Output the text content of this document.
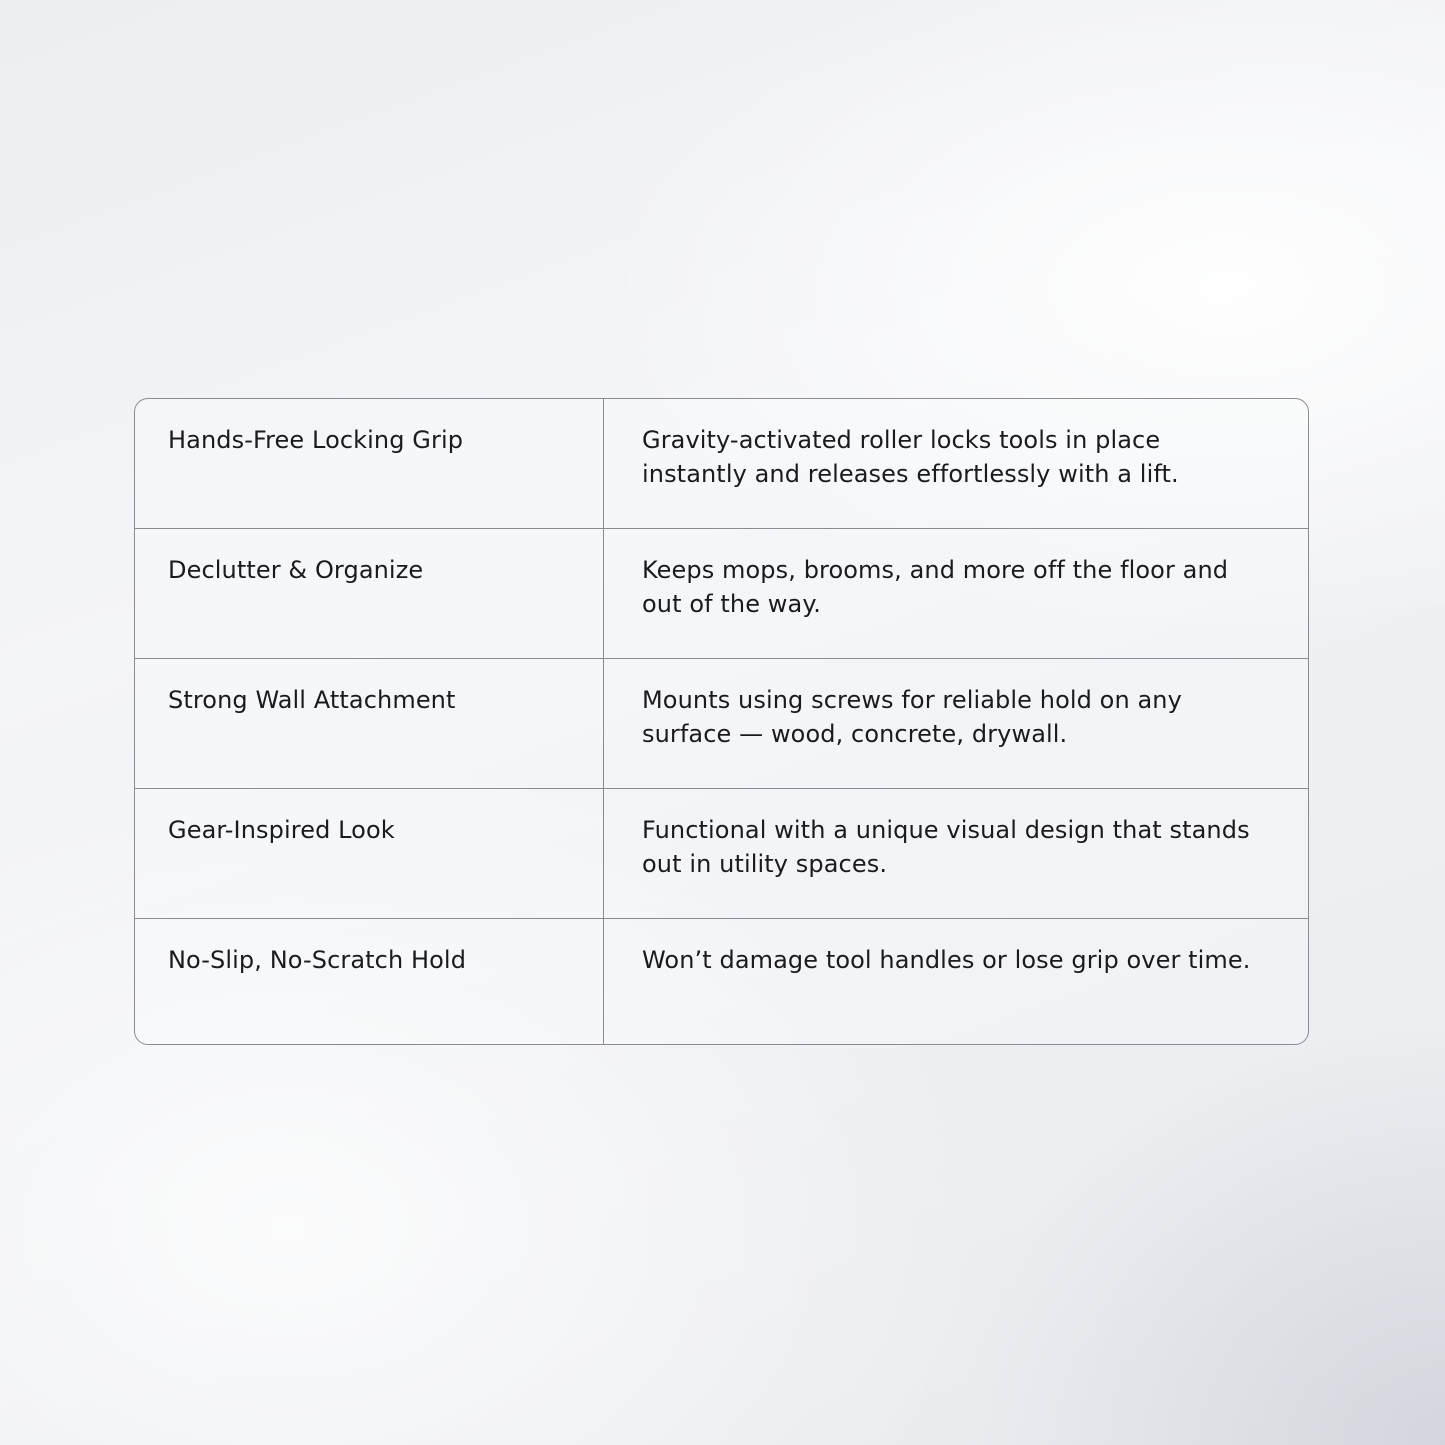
Hands-Free Locking Grip	Gravity-activated roller locks tools in place instantly and releases effortlessly with a lift.
Declutter & Organize	Keeps mops, brooms, and more off the floor and out of the way.
Strong Wall Attachment	Mounts using screws for reliable hold on any surface — wood, concrete, drywall.
Gear-Inspired Look	Functional with a unique visual design that stands out in utility spaces.
No-Slip, No-Scratch Hold	Won’t damage tool handles or lose grip over time.
